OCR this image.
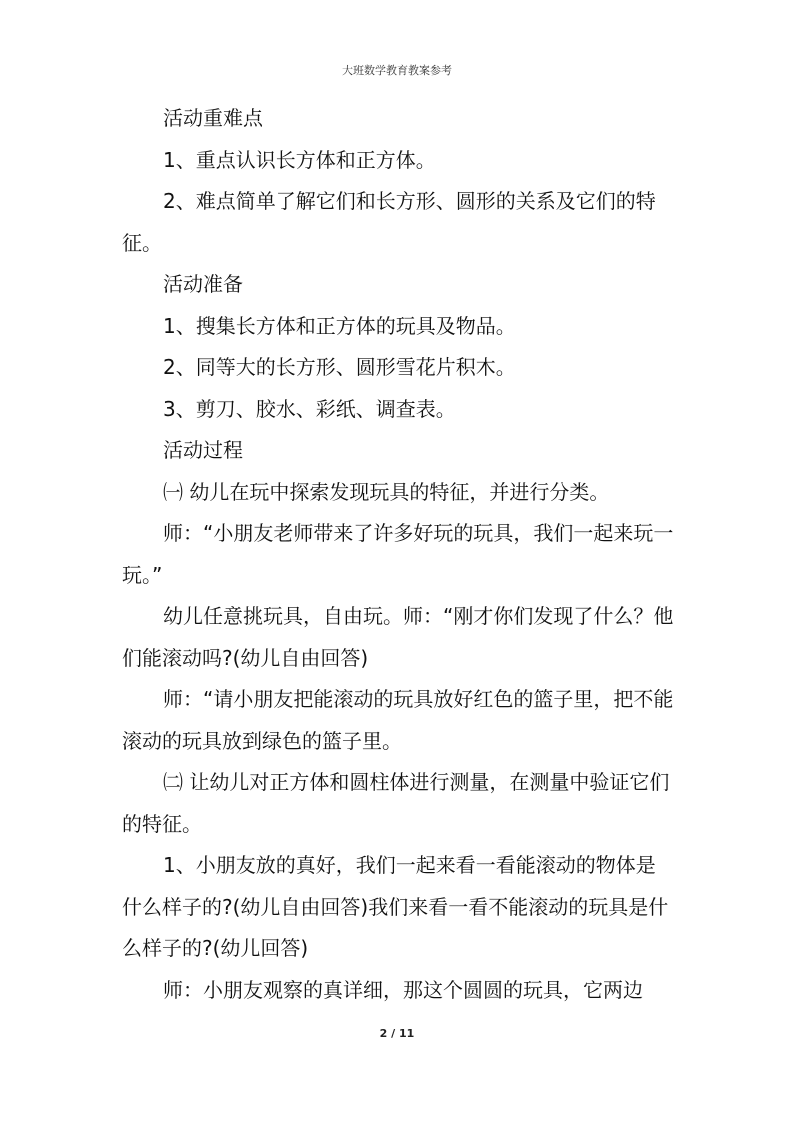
大班数学教育教案参考

活动重难点

1、重点认识长方体和正方体。

2、难点简单了解它们和长方形、圆形的关系及它们的特征。

活动准备

1、搜集长方体和正方体的玩具及物品。

2、同等大的长方形、圆形雪花片积木。

3、剪刀、胶水、彩纸、调查表。

活动过程

㈠ 幼儿在玩中探索发现玩具的特征，并进行分类。

师：“小朋友老师带来了许多好玩的玩具，我们一起来玩一玩。”

幼儿任意挑玩具，自由玩。师：“刚才你们发现了什么？他们能滚动吗?(幼儿自由回答)

师：“请小朋友把能滚动的玩具放好红色的篮子里，把不能滚动的玩具放到绿色的篮子里。

㈡ 让幼儿对正方体和圆柱体进行测量，在测量中验证它们的特征。

1、小朋友放的真好，我们一起来看一看能滚动的物体是什么样子的?(幼儿自由回答)我们来看一看不能滚动的玩具是什么样子的?(幼儿回答)

师：小朋友观察的真详细，那这个圆圆的玩具，它两边

2 / 11
